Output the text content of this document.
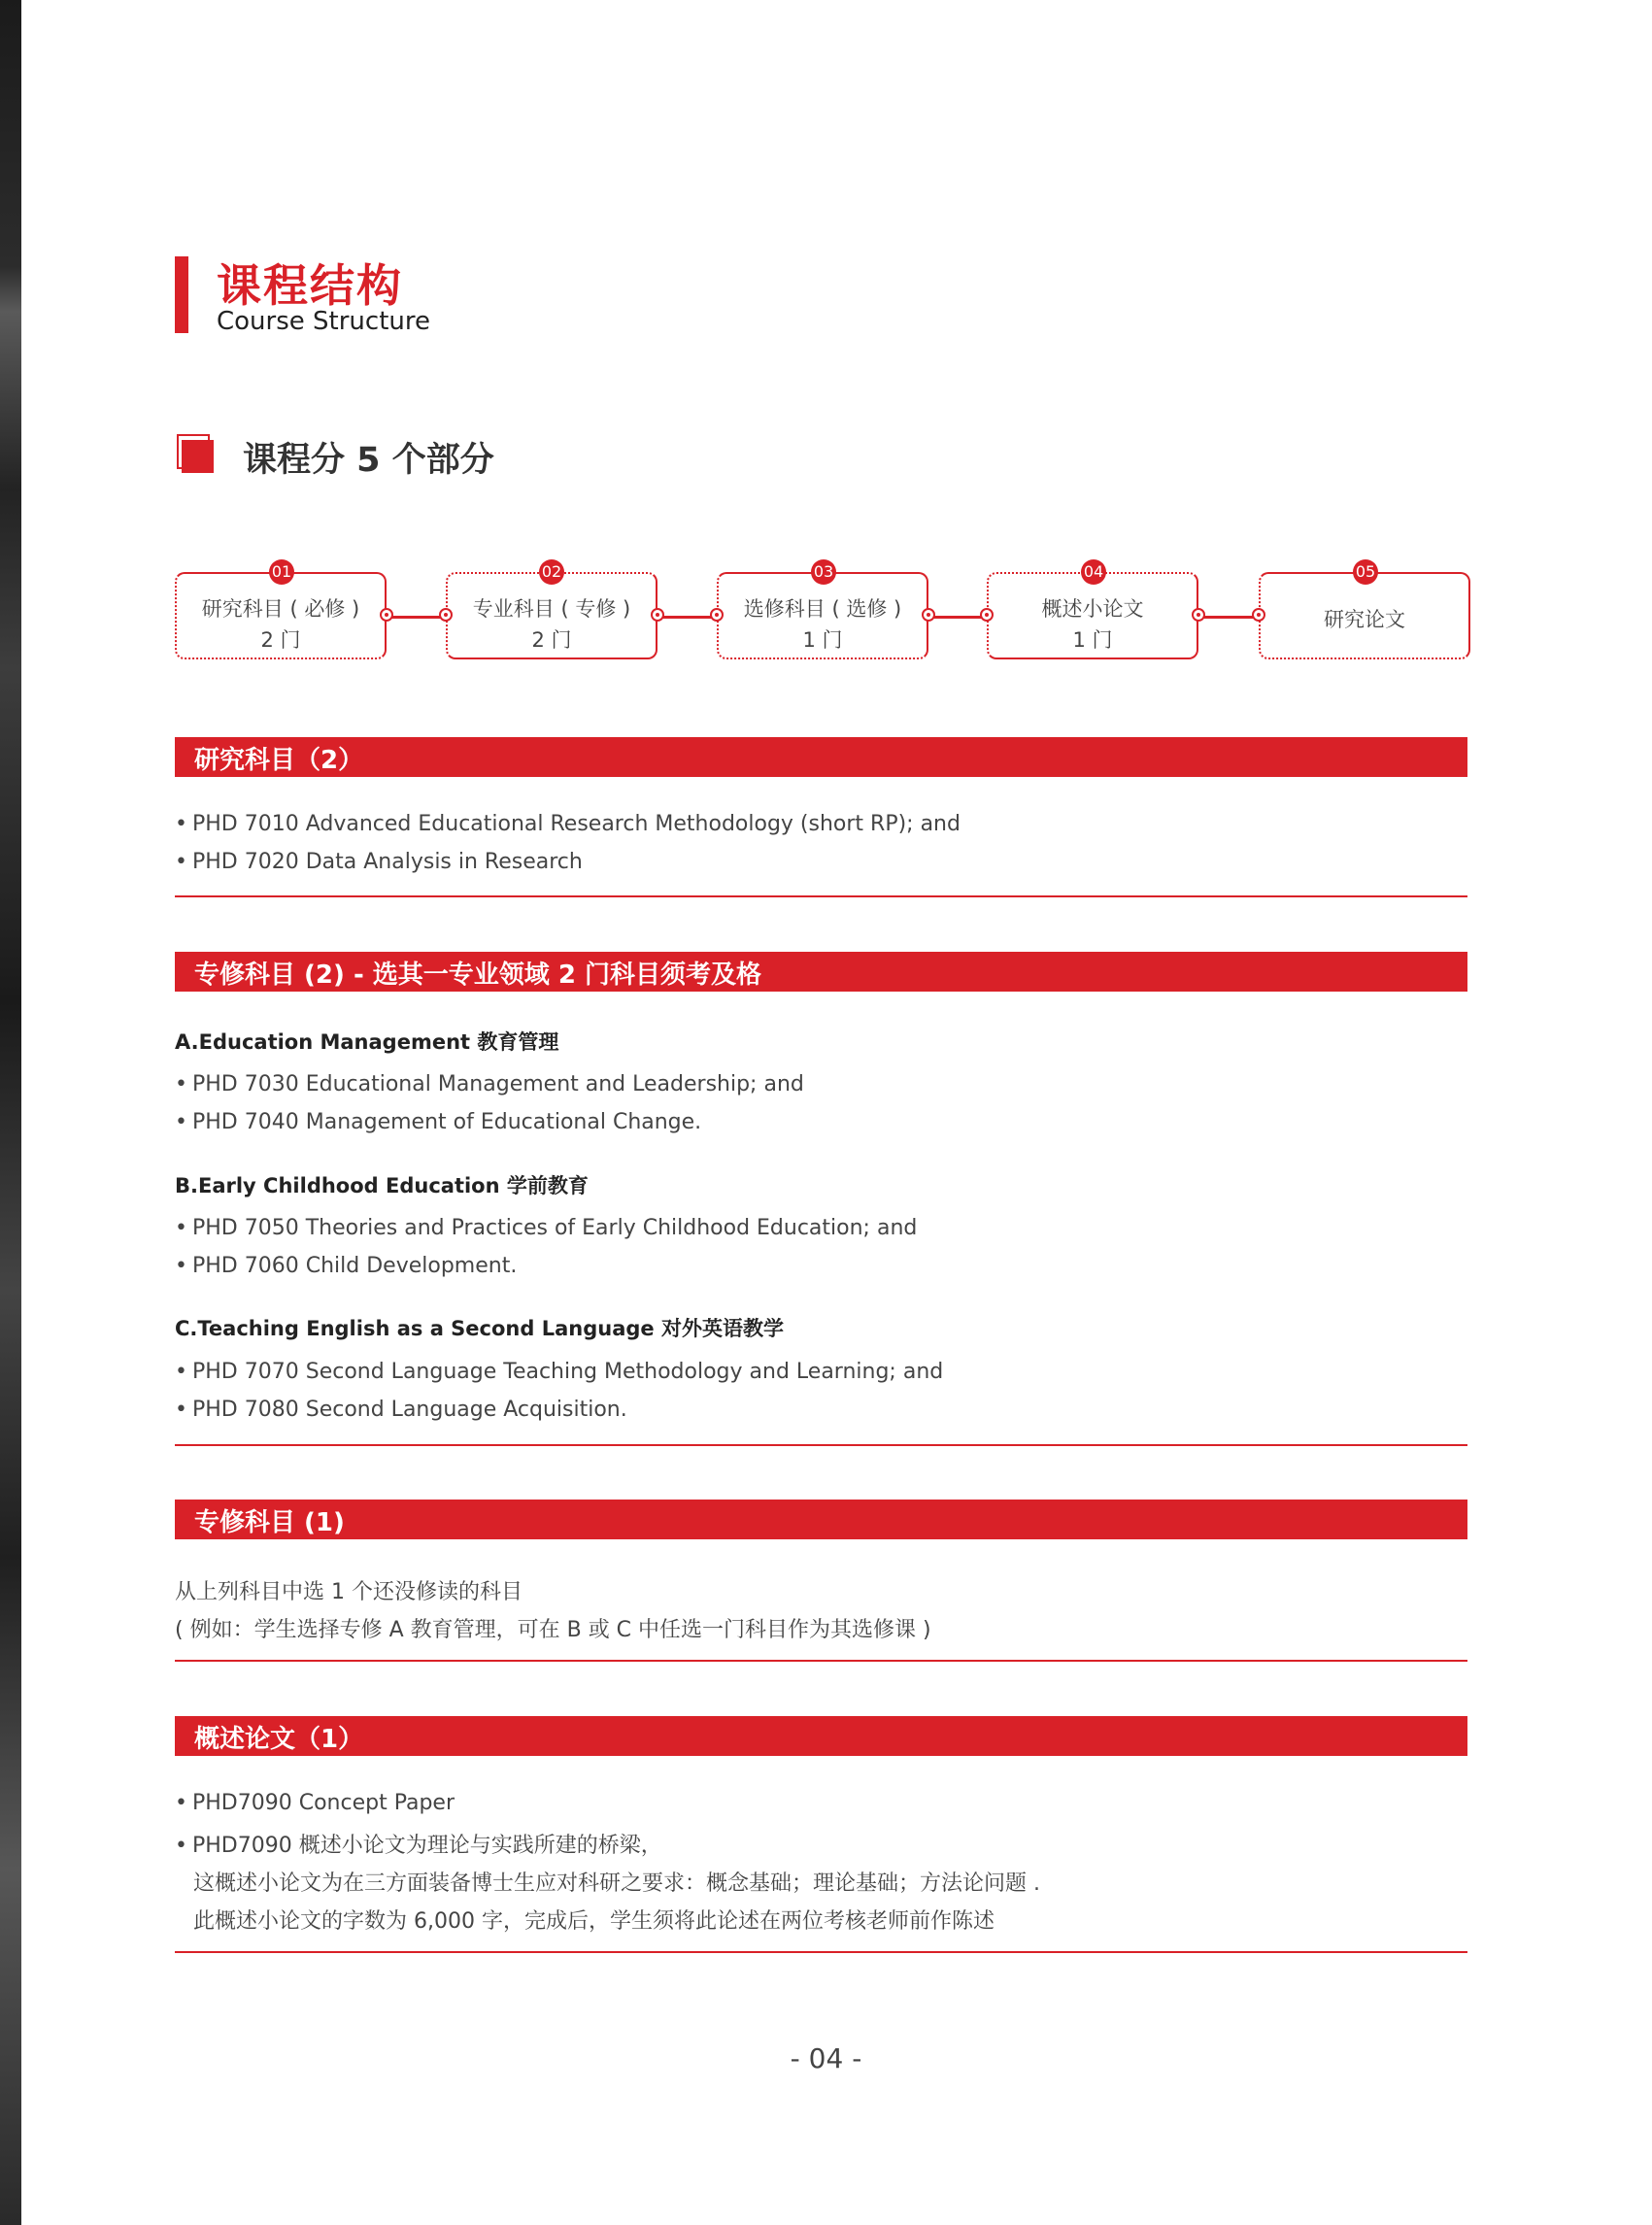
课程结构
Course Structure
课程分 5 个部分
研究科目 ( 必修 )
2 门
01
专业科目 ( 专修 )
2 门
02
选修科目 ( 选修 )
1 门
03
概述小论文
1 门
04
研究论文
05
研究科目（2）
• PHD 7010 Advanced Educational Research Methodology (short RP); and
• PHD 7020 Data Analysis in Research
专修科目 (2) - 选其一专业领域 2 门科目须考及格
A.Education Management 教育管理
• PHD 7030 Educational Management and Leadership; and
• PHD 7040 Management of Educational Change.
B.Early Childhood Education 学前教育
• PHD 7050 Theories and Practices of Early Childhood Education; and
• PHD 7060 Child Development.
C.Teaching English as a Second Language 对外英语教学
• PHD 7070 Second Language Teaching Methodology and Learning; and
• PHD 7080 Second Language Acquisition.
专修科目 (1)
从上列科目中选 1 个还没修读的科目
( 例如：学生选择专修 A 教育管理，可在 B 或 C 中任选一门科目作为其选修课 )
概述论文（1）
• PHD7090 Concept Paper
• PHD7090 概述小论文为理论与实践所建的桥梁，
这概述小论文为在三方面装备博士生应对科研之要求：概念基础；理论基础；方法论问题 .
此概述小论文的字数为 6,000 字，完成后，学生须将此论述在两位考核老师前作陈述
- 04 -
